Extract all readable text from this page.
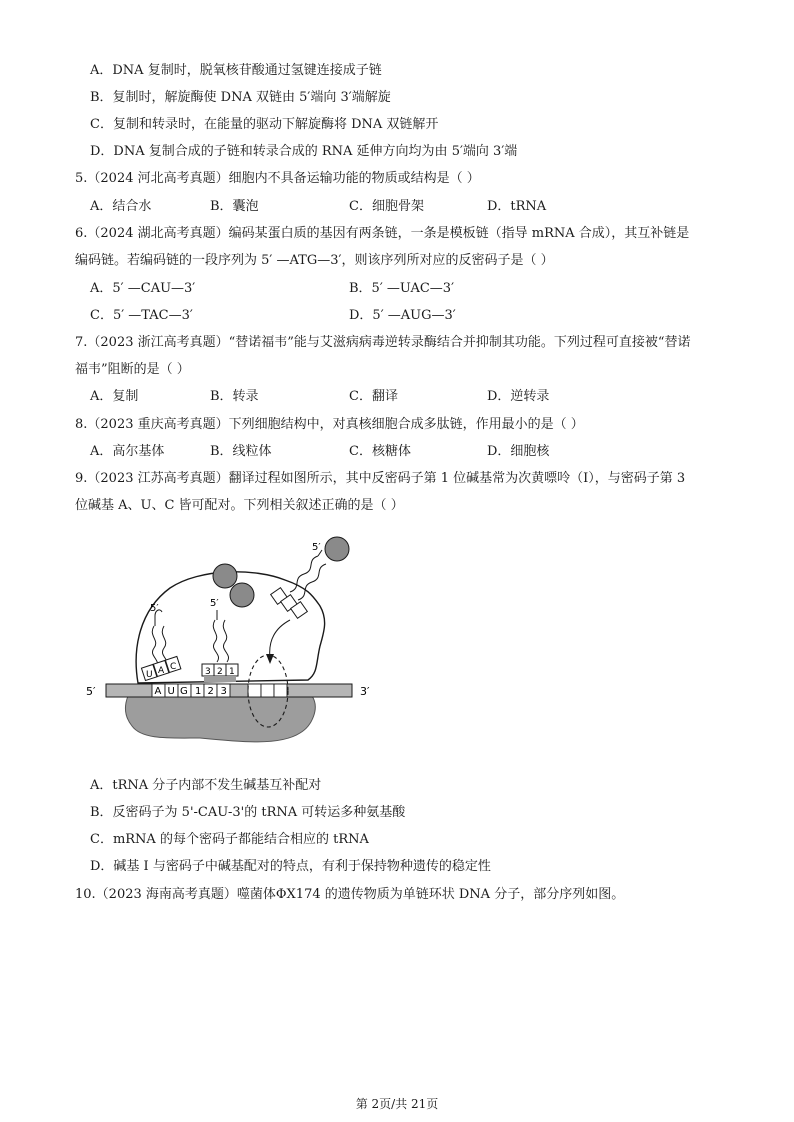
A．DNA 复制时，脱氧核苷酸通过氢键连接成子链
B．复制时，解旋酶使 DNA 双链由 5′端向 3′端解旋
C．复制和转录时，在能量的驱动下解旋酶将 DNA 双链解开
D．DNA 复制合成的子链和转录合成的 RNA 延伸方向均为由 5′端向 3′端
5.（2024 河北高考真题）细胞内不具备运输功能的物质或结构是（ ）
A．结合水	B．囊泡	C．细胞骨架	D．tRNA
6.（2024 湖北高考真题）编码某蛋白质的基因有两条链，一条是模板链（指导 mRNA 合成），其互补链是
编码链。若编码链的一段序列为 5′ —ATG—3′，则该序列所对应的反密码子是（ ）
A．5′ —CAU—3′	B．5′ —UAC—3′
C．5′ —TAC—3′	D．5′ —AUG—3′
7.（2023 浙江高考真题）“替诺福韦”能与艾滋病病毒逆转录酶结合并抑制其功能。下列过程可直接被“替诺
福韦”阻断的是（ ）
A．复制	B．转录	C．翻译	D．逆转录
8.（2023 重庆高考真题）下列细胞结构中，对真核细胞合成多肽链，作用最小的是（ ）
A．高尔基体	B．线粒体	C．核糖体	D．细胞核
9.（2023 江苏高考真题）翻译过程如图所示，其中反密码子第 1 位碱基常为次黄嘌呤（I），与密码子第 3
位碱基 A、U、C 皆可配对。下列相关叙述正确的是（ ）
5′	3′
A U G 1 2 3
5′
U A C
5′
3 2 1
5′
A．tRNA 分子内部不发生碱基互补配对
B．反密码子为 5'-CAU-3'的 tRNA 可转运多种氨基酸
C．mRNA 的每个密码子都能结合相应的 tRNA
D．碱基 I 与密码子中碱基配对的特点，有利于保持物种遗传的稳定性
10.（2023 海南高考真题）噬菌体ΦX174 的遗传物质为单链环状 DNA 分子，部分序列如图。
第 2页/共 21页
